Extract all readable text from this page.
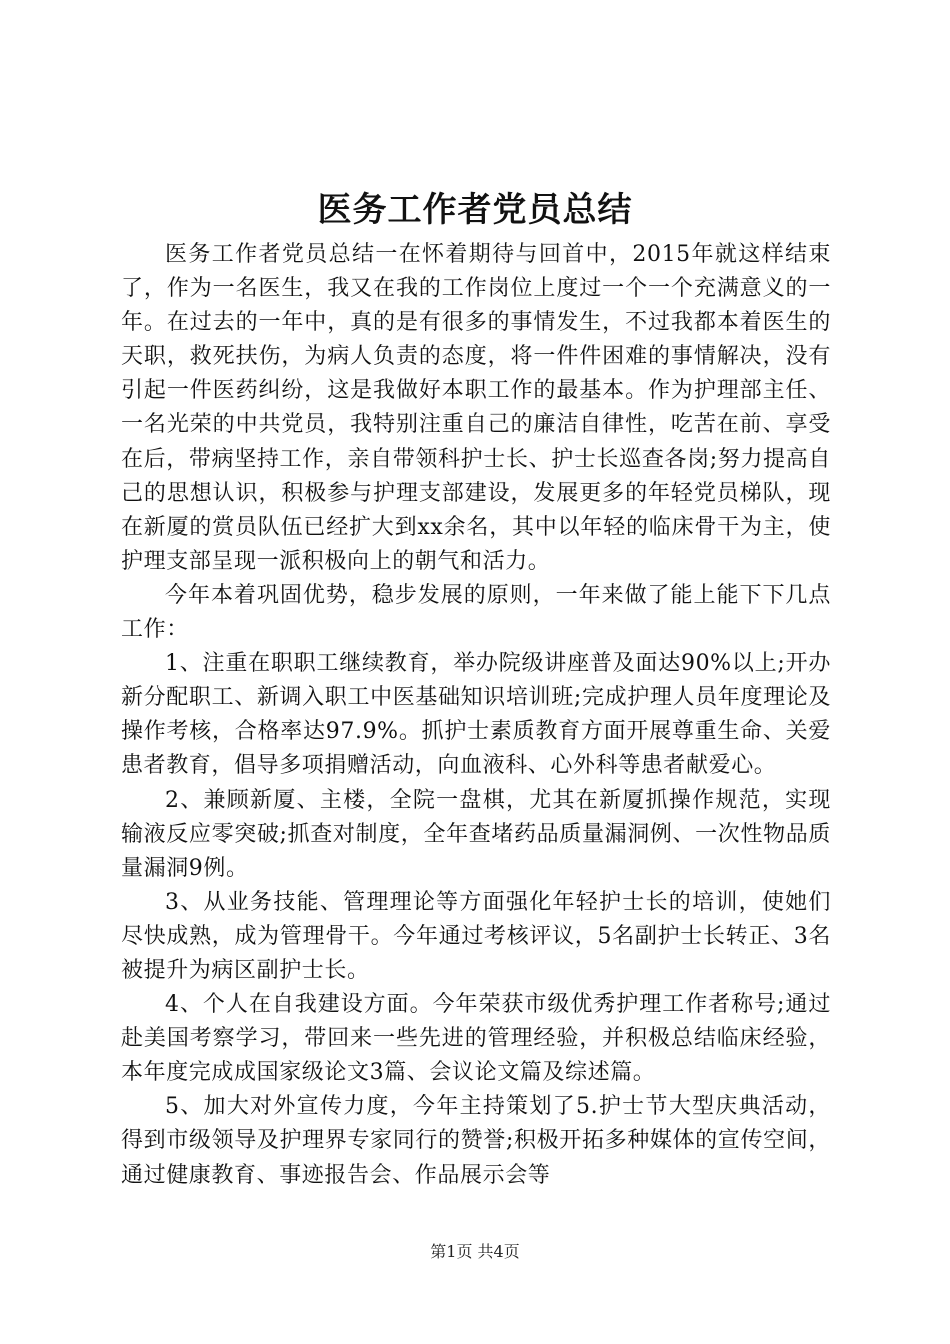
医务工作者党员总结

医务工作者党员总结一在怀着期待与回首中，2015年就这样结束了，作为一名医生，我又在我的工作岗位上度过一个一个充满意义的一年。在过去的一年中，真的是有很多的事情发生，不过我都本着医生的天职，救死扶伤，为病人负责的态度，将一件件困难的事情解决，没有引起一件医药纠纷，这是我做好本职工作的最基本。作为护理部主任、一名光荣的中共党员，我特别注重自己的廉洁自律性，吃苦在前、享受在后，带病坚持工作，亲自带领科护士长、护士长巡查各岗;努力提高自己的思想认识，积极参与护理支部建设，发展更多的年轻党员梯队，现在新厦的赏员队伍已经扩大到xx余名，其中以年轻的临床骨干为主，使护理支部呈现一派积极向上的朝气和活力。

今年本着巩固优势，稳步发展的原则，一年来做了能上能下下几点工作：

1、注重在职职工继续教育，举办院级讲座普及面达90%以上;开办新分配职工、新调入职工中医基础知识培训班;完成护理人员年度理论及操作考核，合格率达97.9%。抓护士素质教育方面开展尊重生命、关爱患者教育，倡导多项捐赠活动，向血液科、心外科等患者献爱心。

2、兼顾新厦、主楼，全院一盘棋，尤其在新厦抓操作规范，实现输液反应零突破;抓查对制度，全年查堵药品质量漏洞例、一次性物品质量漏洞9例。

3、从业务技能、管理理论等方面强化年轻护士长的培训，使她们尽快成熟，成为管理骨干。今年通过考核评议，5名副护士长转正、3名被提升为病区副护士长。

4、个人在自我建设方面。今年荣获市级优秀护理工作者称号;通过赴美国考察学习，带回来一些先进的管理经验，并积极总结临床经验，本年度完成成国家级论文3篇、会议论文篇及综述篇。

5、加大对外宣传力度，今年主持策划了5.护士节大型庆典活动，得到市级领导及护理界专家同行的赞誉;积极开拓多种媒体的宣传空间，通过健康教育、事迹报告会、作品展示会等

第1页 共4页
